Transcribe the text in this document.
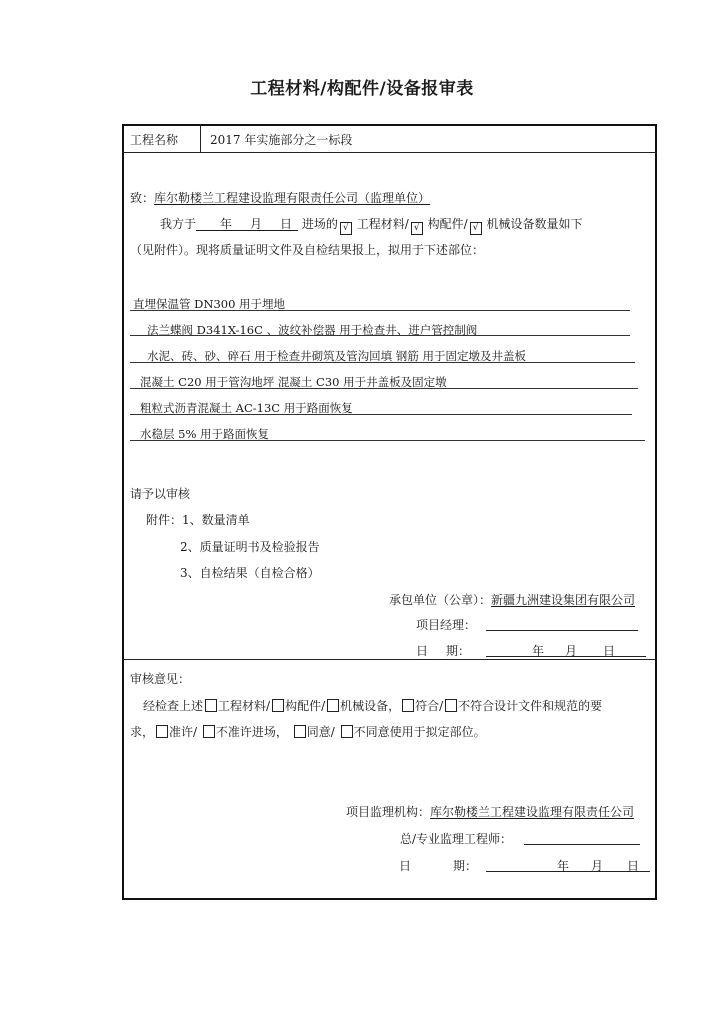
工程材料/构配件/设备报审表
工程名称	2017 年实施部分之一标段
致：库尔勒楼兰工程建设监理有限责任公司（监理单位）
我方于     年    月    日  进场的 √ 工程材料/ √ 构配件/ √ 机械设备数量如下
（见附件）。现将质量证明文件及自检结果报上，拟用于下述部位：
直埋保温管 DN300 用于埋地
法兰蝶阀 D341X-16C 、波纹补偿器 用于检查井、进户管控制阀
水泥、砖、砂、碎石 用于检查井砌筑及管沟回填 钢筋 用于固定墩及井盖板
混凝土 C20 用于管沟地坪 混凝土 C30 用于井盖板及固定墩
粗粒式沥青混凝土 AC-13C 用于路面恢复
水稳层 5% 用于路面恢复
请予以审核
附件：1、数量清单
2、质量证明书及检验报告
3、自检结果（自检合格）
承包单位（公章）：新疆九洲建设集团有限公司
项目经理：
日    期：	年 月 日
审核意见：
经检查上述 工程材料/ 构配件/ 机械设备， 符合/ 不符合设计文件和规范的要
求， 准许/ 不准许进场， 同意/ 不同意使用于拟定部位。
项目监理机构：库尔勒楼兰工程建设监理有限责任公司
总/专业监理工程师：
日       	期：	年 月 日
